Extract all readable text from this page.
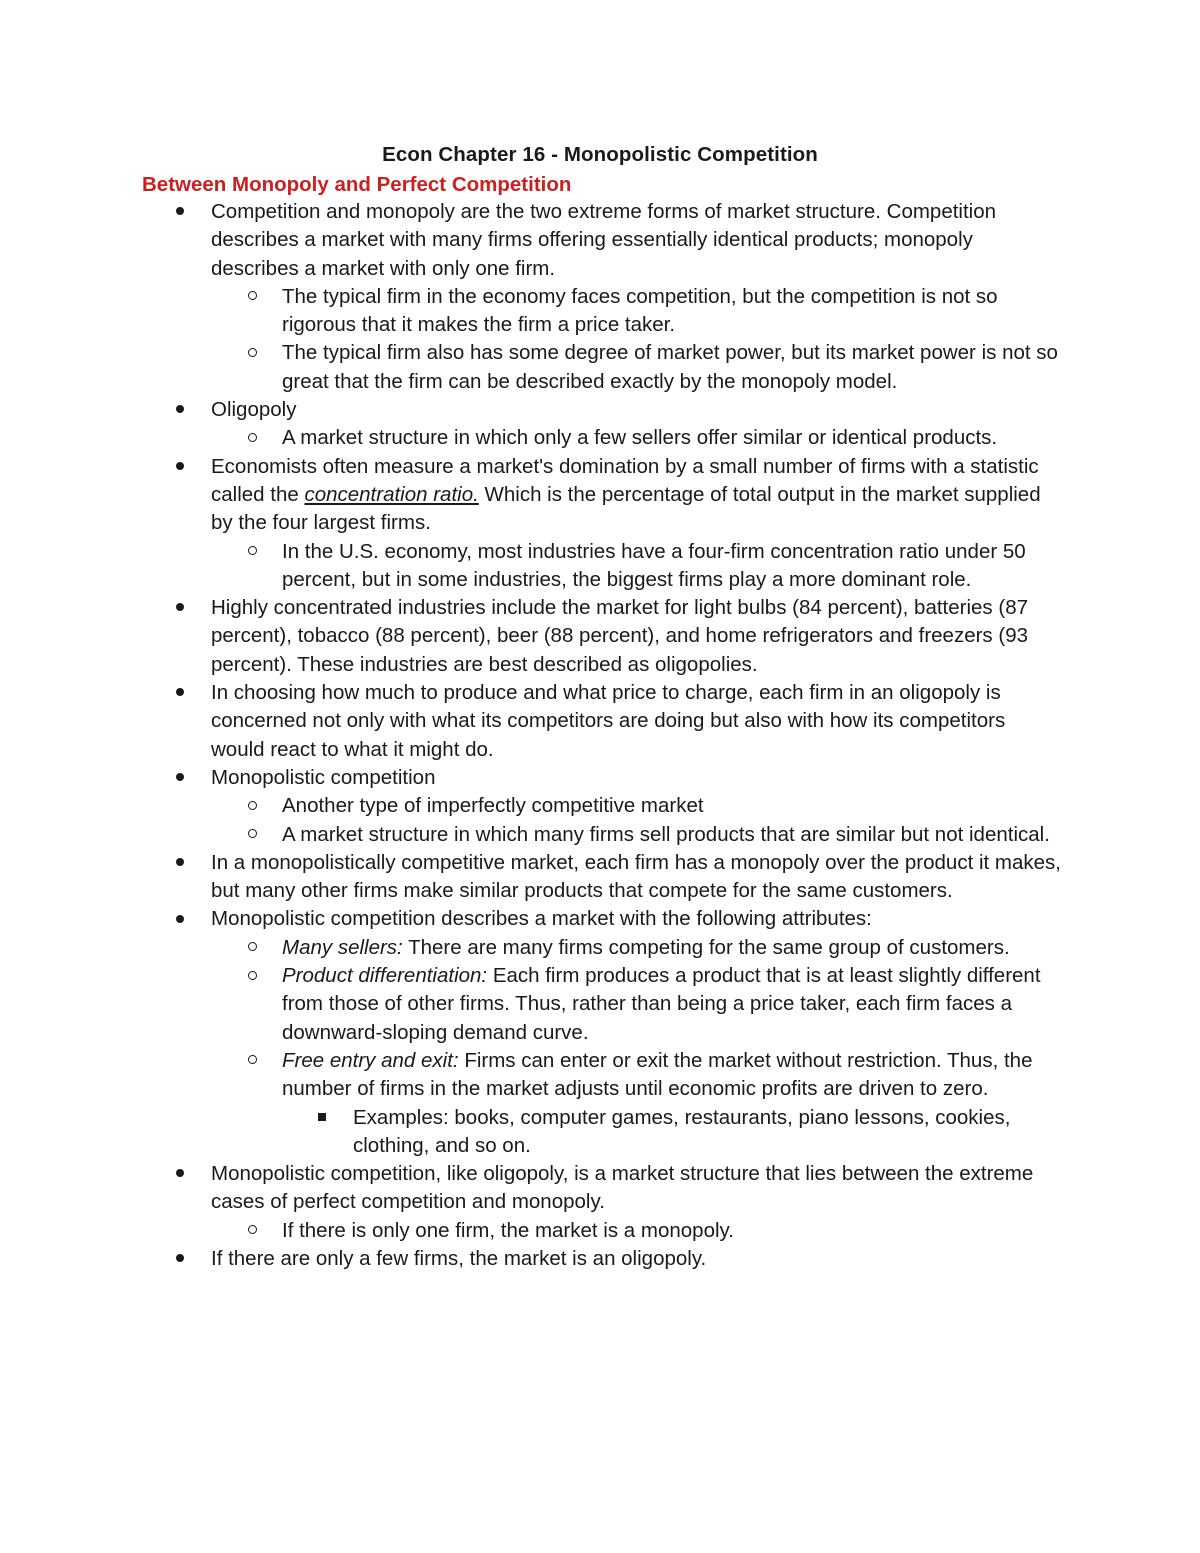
Econ Chapter 16 - Monopolistic Competition
Between Monopoly and Perfect Competition
Competition and monopoly are the two extreme forms of market structure. Competition describes a market with many firms offering essentially identical products; monopoly describes a market with only one firm.
The typical firm in the economy faces competition, but the competition is not so rigorous that it makes the firm a price taker.
The typical firm also has some degree of market power, but its market power is not so great that the firm can be described exactly by the monopoly model.
Oligopoly
A market structure in which only a few sellers offer similar or identical products.
Economists often measure a market's domination by a small number of firms with a statistic called the concentration ratio. Which is the percentage of total output in the market supplied by the four largest firms.
In the U.S. economy, most industries have a four-firm concentration ratio under 50 percent, but in some industries, the biggest firms play a more dominant role.
Highly concentrated industries include the market for light bulbs (84 percent), batteries (87 percent), tobacco (88 percent), beer (88 percent), and home refrigerators and freezers (93 percent). These industries are best described as oligopolies.
In choosing how much to produce and what price to charge, each firm in an oligopoly is concerned not only with what its competitors are doing but also with how its competitors would react to what it might do.
Monopolistic competition
Another type of imperfectly competitive market
A market structure in which many firms sell products that are similar but not identical.
In a monopolistically competitive market, each firm has a monopoly over the product it makes, but many other firms make similar products that compete for the same customers.
Monopolistic competition describes a market with the following attributes:
Many sellers: There are many firms competing for the same group of customers.
Product differentiation: Each firm produces a product that is at least slightly different from those of other firms. Thus, rather than being a price taker, each firm faces a downward-sloping demand curve.
Free entry and exit: Firms can enter or exit the market without restriction. Thus, the number of firms in the market adjusts until economic profits are driven to zero.
Examples: books, computer games, restaurants, piano lessons, cookies, clothing, and so on.
Monopolistic competition, like oligopoly, is a market structure that lies between the extreme cases of perfect competition and monopoly.
If there is only one firm, the market is a monopoly.
If there are only a few firms, the market is an oligopoly.
